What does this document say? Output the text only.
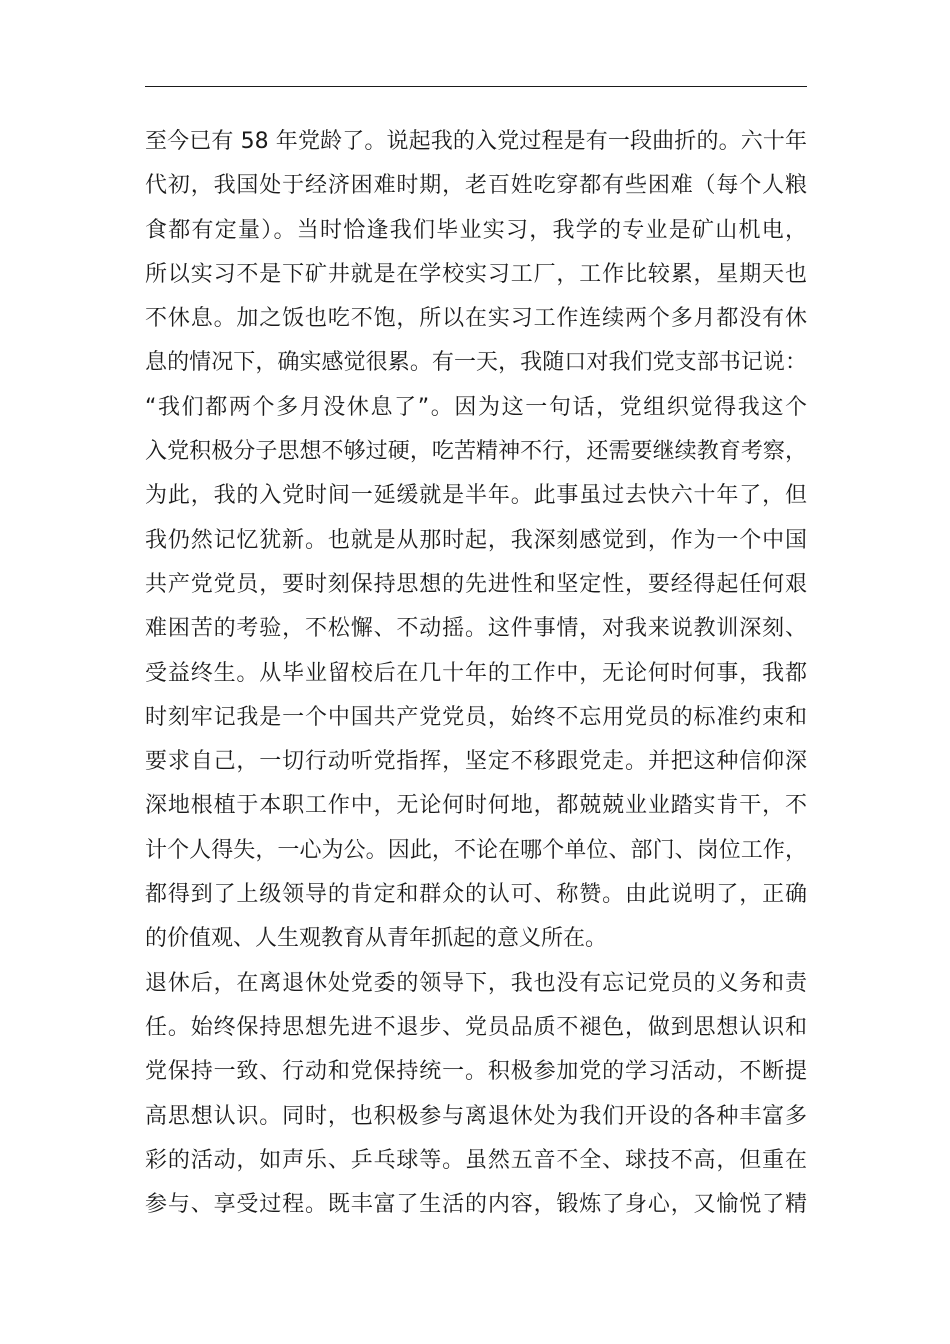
至今已有 58 年党龄了。说起我的入党过程是有一段曲折的。六十年
代初，我国处于经济困难时期，老百姓吃穿都有些困难（每个人粮
食都有定量）。当时恰逢我们毕业实习，我学的专业是矿山机电，
所以实习不是下矿井就是在学校实习工厂，工作比较累，星期天也
不休息。加之饭也吃不饱，所以在实习工作连续两个多月都没有休
息的情况下，确实感觉很累。有一天，我随口对我们党支部书记说：
“我们都两个多月没休息了”。因为这一句话，党组织觉得我这个
入党积极分子思想不够过硬，吃苦精神不行，还需要继续教育考察，
为此，我的入党时间一延缓就是半年。此事虽过去快六十年了，但
我仍然记忆犹新。也就是从那时起，我深刻感觉到，作为一个中国
共产党党员，要时刻保持思想的先进性和坚定性，要经得起任何艰
难困苦的考验，不松懈、不动摇。这件事情，对我来说教训深刻、
受益终生。从毕业留校后在几十年的工作中，无论何时何事，我都
时刻牢记我是一个中国共产党党员，始终不忘用党员的标准约束和
要求自己，一切行动听党指挥，坚定不移跟党走。并把这种信仰深
深地根植于本职工作中，无论何时何地，都兢兢业业踏实肯干，不
计个人得失，一心为公。因此，不论在哪个单位、部门、岗位工作，
都得到了上级领导的肯定和群众的认可、称赞。由此说明了，正确
的价值观、人生观教育从青年抓起的意义所在。
退休后，在离退休处党委的领导下，我也没有忘记党员的义务和责
任。始终保持思想先进不退步、党员品质不褪色，做到思想认识和
党保持一致、行动和党保持统一。积极参加党的学习活动，不断提
高思想认识。同时，也积极参与离退休处为我们开设的各种丰富多
彩的活动，如声乐、乒乓球等。虽然五音不全、球技不高，但重在
参与、享受过程。既丰富了生活的内容，锻炼了身心，又愉悦了精
